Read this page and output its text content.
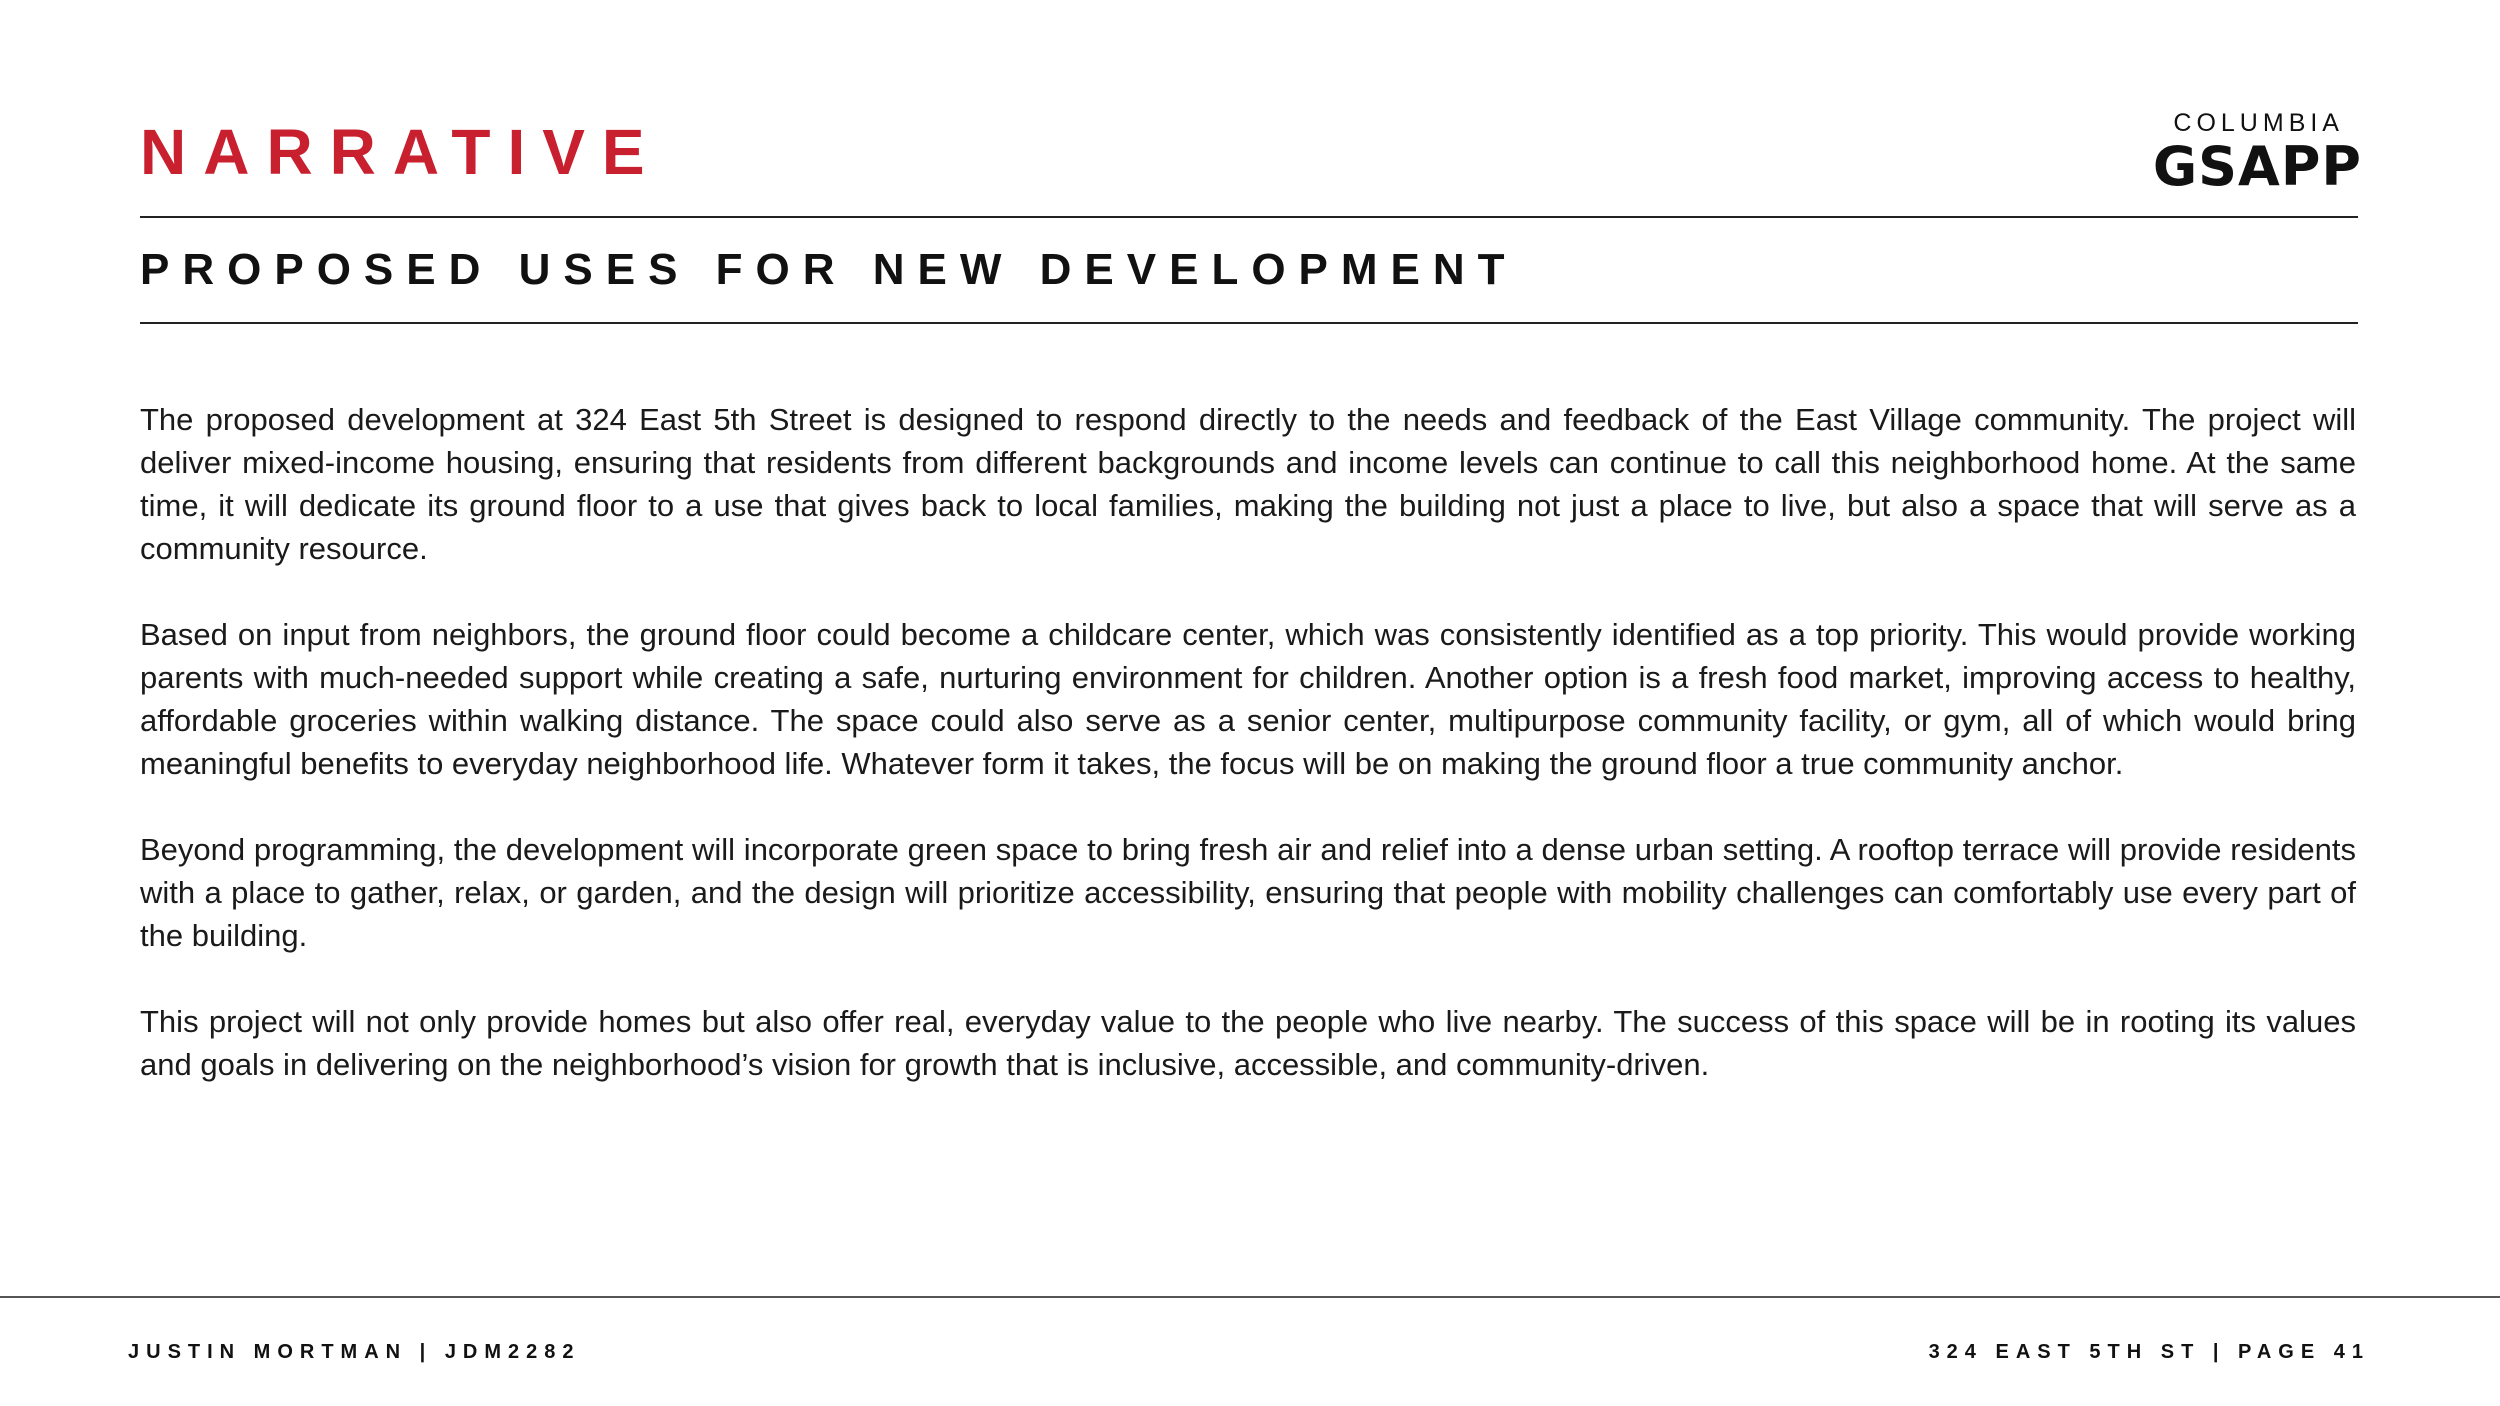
NARRATIVE	COLUMBIA
GSAPP
PROPOSED USES FOR NEW DEVELOPMENT

The proposed development at 324 East 5th Street is designed to respond directly to the needs and feedback of the East Village community. The project will deliver mixed-income housing, ensuring that residents from different backgrounds and income levels can continue to call this neighborhood home. At the same time, it will dedicate its ground floor to a use that gives back to local families, making the building not just a place to live, but also a space that will serve as a community resource.

Based on input from neighbors, the ground floor could become a childcare center, which was consistently identified as a top priority. This would provide working parents with much-needed support while creating a safe, nurturing environment for children. Another option is a fresh food market, improving access to healthy, affordable groceries within walking distance. The space could also serve as a senior center, multipurpose community facility, or gym, all of which would bring meaningful benefits to everyday neighborhood life. Whatever form it takes, the focus will be on making the ground floor a true community anchor.

Beyond programming, the development will incorporate green space to bring fresh air and relief into a dense urban setting. A rooftop terrace will provide residents with a place to gather, relax, or garden, and the design will prioritize accessibility, ensuring that people with mobility challenges can comfortably use every part of the building.

This project will not only provide homes but also offer real, everyday value to the people who live nearby. The success of this space will be in rooting its values and goals in delivering on the neighborhood’s vision for growth that is inclusive, accessible, and community-driven.

JUSTIN MORTMAN | JDM2282	324 EAST 5TH ST | PAGE 41
